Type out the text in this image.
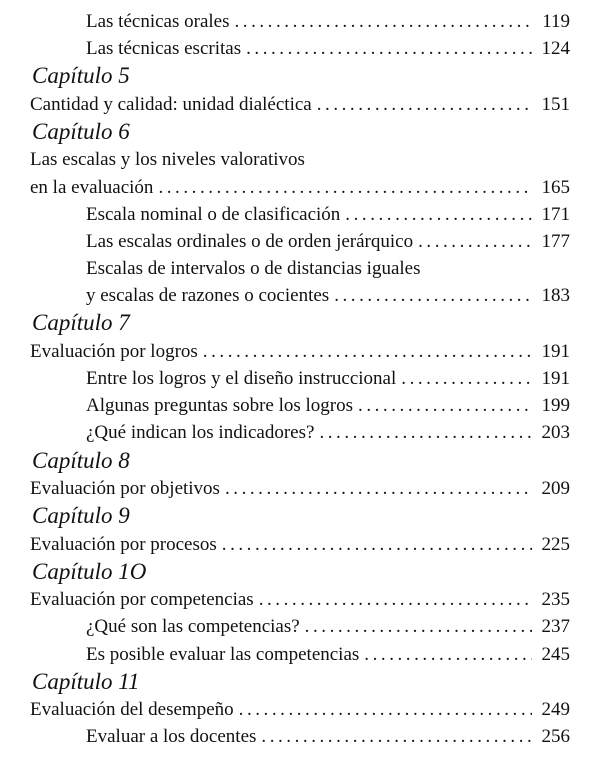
Las técnicas orales . . .	119
Las técnicas escritas . . .	124
Capítulo 5
Cantidad y calidad: unidad dialéctica . . .	151
Capítulo 6
Las escalas y los niveles valorativos
en la evaluación . . .	165
Escala nominal o de clasificación . . .	171
Las escalas ordinales o de orden jerárquico . . .	177
Escalas de intervalos o de distancias iguales
y escalas de razones o cocientes . . .	183
Capítulo 7
Evaluación por logros . . .	191
Entre los logros y el diseño instruccional . . .	191
Algunas preguntas sobre los logros . . .	199
¿Qué indican los indicadores? . . .	203
Capítulo 8
Evaluación por objetivos . . .	209
Capítulo 9
Evaluación por procesos . . .	225
Capítulo 1O
Evaluación por competencias . . .	235
¿Qué son las competencias? . . .	237
Es posible evaluar las competencias . . .	245
Capítulo 11
Evaluación del desempeño . . .	249
Evaluar a los docentes . . .	256
